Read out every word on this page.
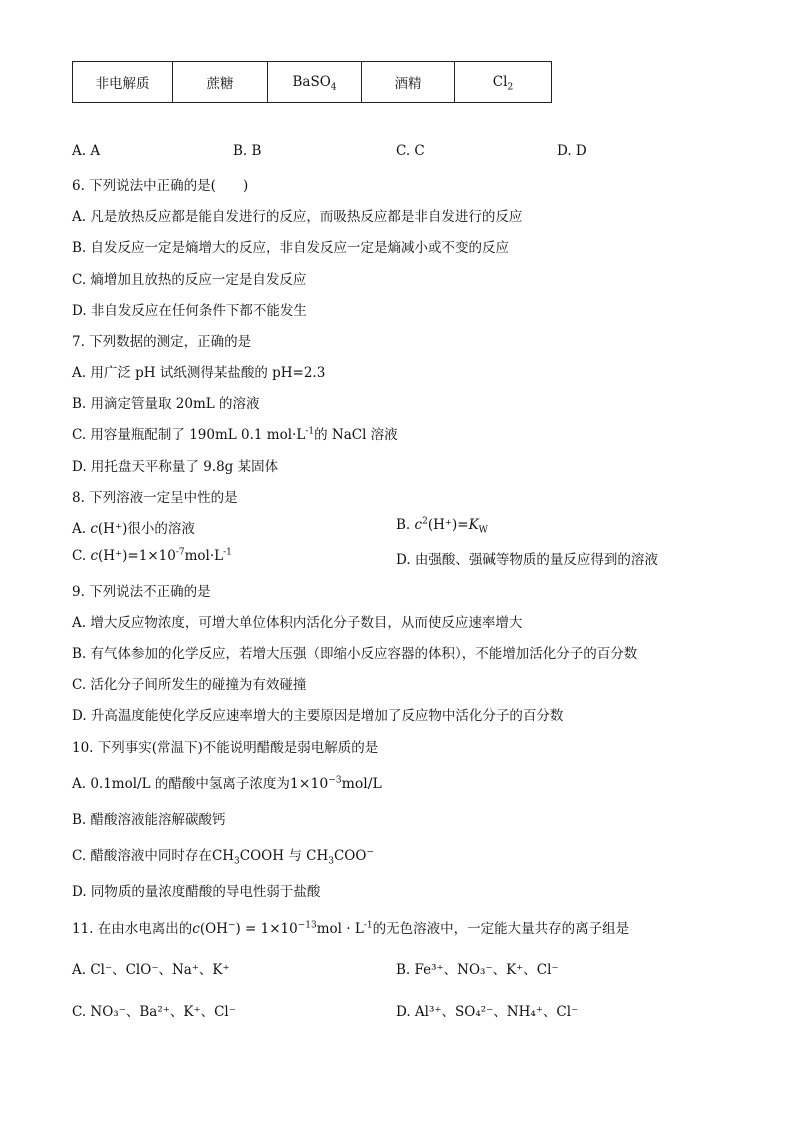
非电解质	蔗糖	BaSO$_4$	酒精	$Cl_2$
A. A	B. B	C. C	D. D
6. 下列说法中正确的是(　　)
A. 凡是放热反应都是能自发进行的反应，而吸热反应都是非自发进行的反应
B. 自发反应一定是熵增大的反应，非自发反应一定是熵减小或不变的反应
C. 熵增加且放热的反应一定是自发反应
D. 非自发反应在任何条件下都不能发生
7. 下列数据的测定，正确的是
A. 用广泛 pH 试纸测得某盐酸的 pH=2.3
B. 用滴定管量取 20mL 的溶液
C. 用容量瓶配制了 190mL 0.1 $mol\cdot L^{-1}$的 NaCl 溶液
D. 用托盘天平称量了 9.8g 某固体
8. 下列溶液一定呈中性的是
A. c(H⁺)很小的溶液	B. $c^2(H^+)=K_W$
C. $c(H^+)=1\times 10^{-7}mol\cdot L^{-1}$	D. 由强酸、强碱等物质的量反应得到的溶液
9. 下列说法不正确的是
A. 增大反应物浓度，可增大单位体积内活化分子数目，从而使反应速率增大
B. 有气体参加的化学反应，若增大压强（即缩小反应容器的体积），不能增加活化分子的百分数
C. 活化分子间所发生的碰撞为有效碰撞
D. 升高温度能使化学反应速率增大的主要原因是增加了反应物中活化分子的百分数
10. 下列事实(常温下)不能说明醋酸是弱电解质的是
A. 0.1mol/L 的醋酸中氢离子浓度为$1\times 10^{-3}mol/L$
B. 醋酸溶液能溶解碳酸钙
C. 醋酸溶液中同时存在$CH_3COOH$ 与 $CH_3COO^-$
D. 同物质的量浓度醋酸的导电性弱于盐酸
11. 在由水电离出的$c(OH^-) = 1\times 10^{-13}mol \cdot L^{-1}$的无色溶液中，一定能大量共存的离子组是
A. Cl⁻、ClO⁻、Na⁺、K⁺	B. Fe³⁺、NO₃⁻、K⁺、Cl⁻
C. NO₃⁻、Ba²⁺、K⁺、Cl⁻	D. Al³⁺、SO₄²⁻、NH₄⁺、Cl⁻
